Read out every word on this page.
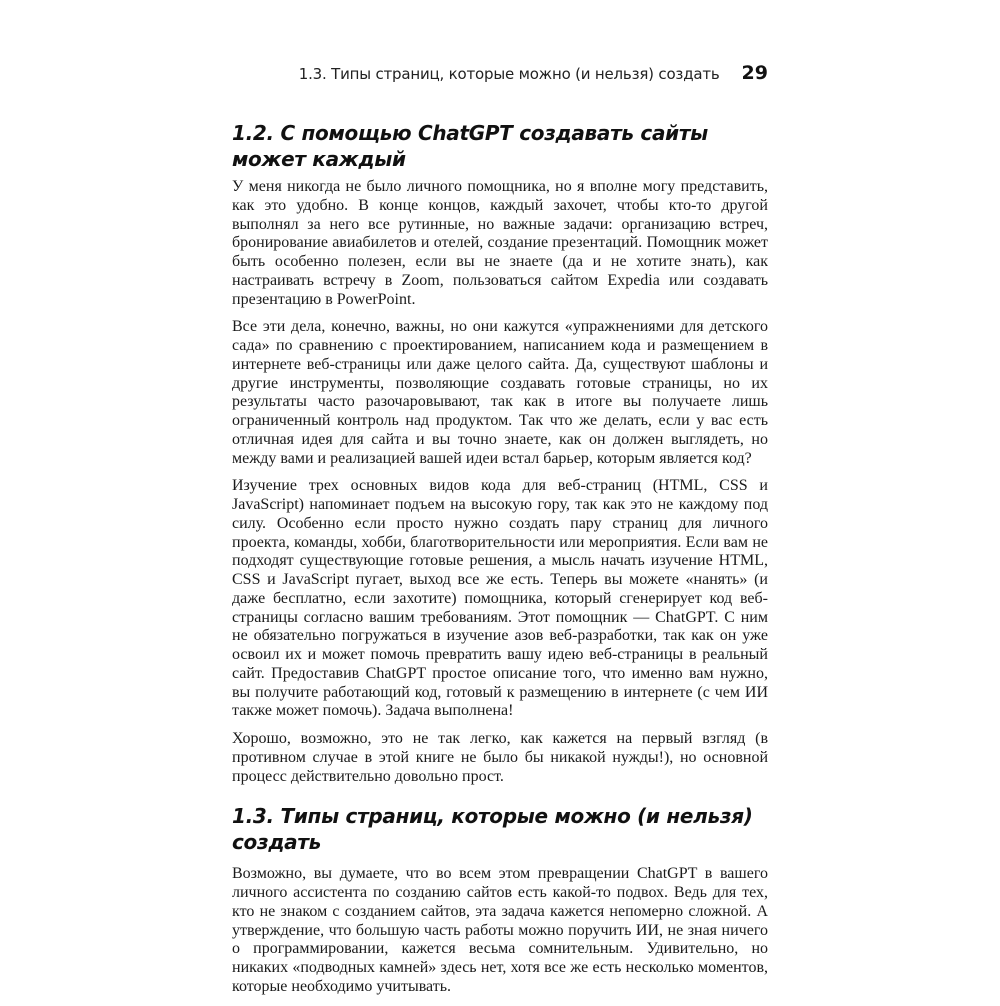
1.3. Типы страниц, которые можно (и нельзя) создать 29
1.2. С помощью ChatGPT создавать сайты может каждый

У меня никогда не было личного помощника, но я вполне могу представить, как это удобно. В конце концов, каждый захочет, чтобы кто-то другой выполнял за него все рутинные, но важные задачи: организацию встреч, бронирование авиабилетов и отелей, создание презентаций. Помощник может быть особенно полезен, если вы не знаете (да и не хотите знать), как настраивать встречу в Zoom, пользоваться сайтом Expedia или создавать презентацию в PowerPoint.

Все эти дела, конечно, важны, но они кажутся «упражнениями для детского сада» по сравнению с проектированием, написанием кода и размещением в интернете веб-страницы или даже целого сайта. Да, существуют шаблоны и другие инструменты, позволяющие создавать готовые страницы, но их результаты часто разочаровывают, так как в итоге вы получаете лишь ограниченный контроль над продуктом. Так что же делать, если у вас есть отличная идея для сайта и вы точно знаете, как он должен выглядеть, но между вами и реализацией вашей идеи встал барьер, которым является код?

Изучение трех основных видов кода для веб-страниц (HTML, CSS и JavaScript) напоминает подъем на высокую гору, так как это не каждому под силу. Особенно если просто нужно создать пару страниц для личного проекта, команды, хобби, благотворительности или мероприятия. Если вам не подходят существующие готовые решения, а мысль начать изучение HTML, CSS и JavaScript пугает, выход все же есть. Теперь вы можете «нанять» (и даже бесплатно, если захотите) помощника, который сгенерирует код веб-страницы согласно вашим требованиям. Этот помощник — ChatGPT. С ним не обязательно погружаться в изучение азов веб-разработки, так как он уже освоил их и может помочь превратить вашу идею веб-страницы в реальный сайт. Предоставив ChatGPT простое описание того, что именно вам нужно, вы получите работающий код, готовый к размещению в интернете (с чем ИИ также может помочь). Задача выполнена!

Хорошо, возможно, это не так легко, как кажется на первый взгляд (в противном случае в этой книге не было бы никакой нужды!), но основной процесс действительно довольно прост.

1.3. Типы страниц, которые можно (и нельзя) создать

Возможно, вы думаете, что во всем этом превращении ChatGPT в вашего личного ассистента по созданию сайтов есть какой-то подвох. Ведь для тех, кто не знаком с созданием сайтов, эта задача кажется непомерно сложной. А утверждение, что большую часть работы можно поручить ИИ, не зная ничего о программировании, кажется весьма сомнительным. Удивительно, но никаких «подводных камней» здесь нет, хотя все же есть несколько моментов, которые необходимо учитывать.
